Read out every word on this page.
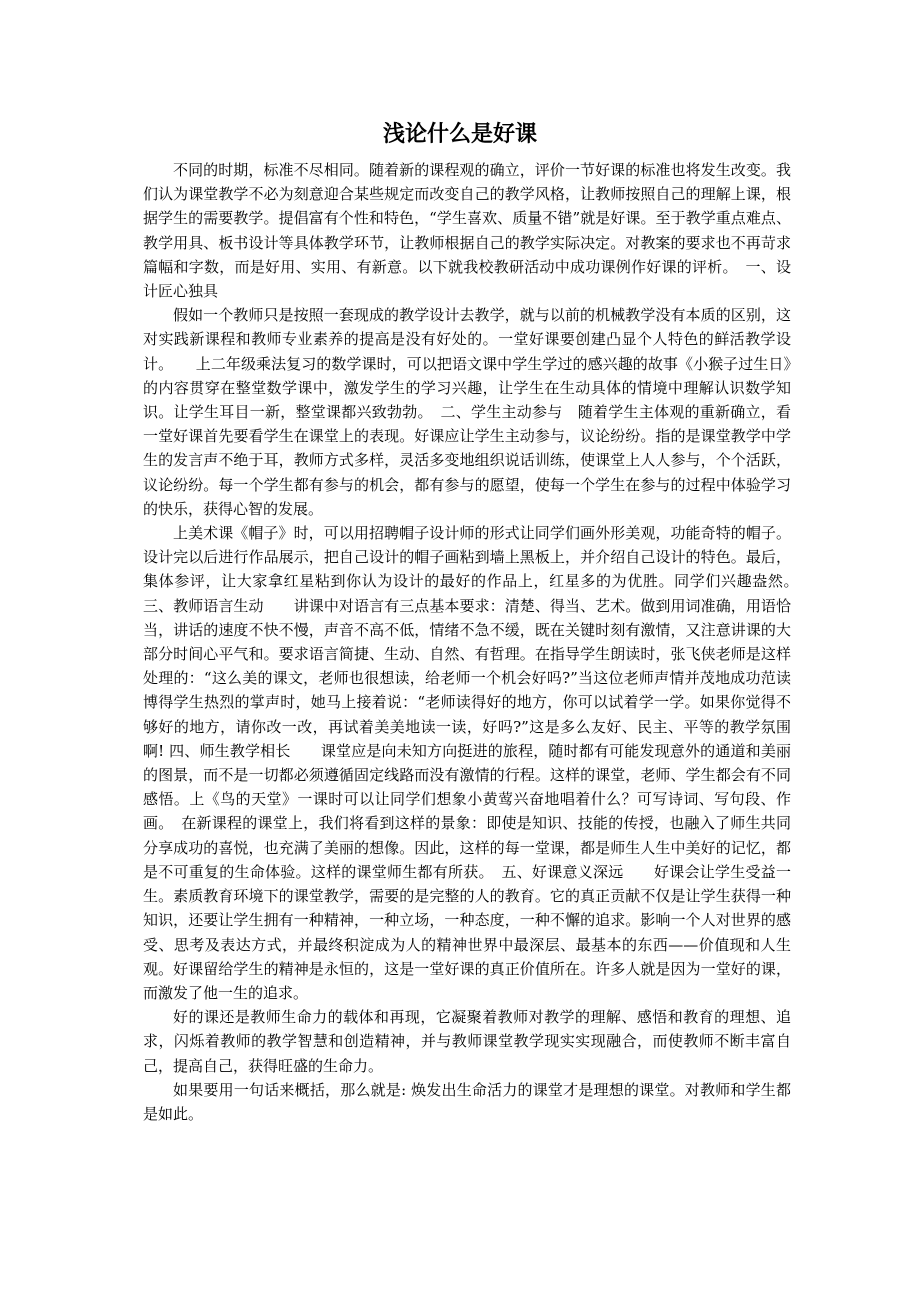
浅论什么是好课

不同的时期，标准不尽相同。随着新的课程观的确立，评价一节好课的标准也将发生改变。我们认为课堂教学不必为刻意迎合某些规定而改变自己的教学风格，让教师按照自己的理解上课，根据学生的需要教学。提倡富有个性和特色，“学生喜欢、质量不错”就是好课。至于教学重点难点、教学用具、板书设计等具体教学环节，让教师根据自己的教学实际决定。对教案的要求也不再苛求篇幅和字数，而是好用、实用、有新意。以下就我校教研活动中成功课例作好课的评析。　一、设计匠心独具

假如一个教师只是按照一套现成的教学设计去教学，就与以前的机械教学没有本质的区别，这对实践新课程和教师专业素养的提高是没有好处的。一堂好课要创建凸显个人特色的鲜活教学设计。　　上二年级乘法复习的数学课时，可以把语文课中学生学过的感兴趣的故事《小猴子过生日》的内容贯穿在整堂数学课中，激发学生的学习兴趣，让学生在生动具体的情境中理解认识数学知识。让学生耳目一新，整堂课都兴致勃勃。　二、学生主动参与　随着学生主体观的重新确立，看一堂好课首先要看学生在课堂上的表现。好课应让学生主动参与，议论纷纷。指的是课堂教学中学生的发言声不绝于耳，教师方式多样，灵活多变地组织说话训练，使课堂上人人参与，个个活跃，议论纷纷。每一个学生都有参与的机会，都有参与的愿望，使每一个学生在参与的过程中体验学习的快乐，获得心智的发展。

上美术课《帽子》时，可以用招聘帽子设计师的形式让同学们画外形美观，功能奇特的帽子。设计完以后进行作品展示，把自己设计的帽子画粘到墙上黑板上，并介绍自己设计的特色。最后，集体参评，让大家拿红星粘到你认为设计的最好的作品上，红星多的为优胜。同学们兴趣盎然。　三、教师语言生动　　讲课中对语言有三点基本要求：清楚、得当、艺术。做到用词准确，用语恰当，讲话的速度不快不慢，声音不高不低，情绪不急不缓，既在关键时刻有激情，又注意讲课的大部分时间心平气和。要求语言简捷、生动、自然、有哲理。在指导学生朗读时，张飞侠老师是这样处理的：“这么美的课文，老师也很想读，给老师一个机会好吗?”当这位老师声情并茂地成功范读博得学生热烈的掌声时，她马上接着说：“老师读得好的地方，你可以试着学一学。如果你觉得不够好的地方，请你改一改，再试着美美地读一读，好吗?”这是多么友好、民主、平等的教学氛围啊! 四、师生教学相长　　课堂应是向未知方向挺进的旅程，随时都有可能发现意外的通道和美丽的图景，而不是一切都必须遵循固定线路而没有激情的行程。这样的课堂，老师、学生都会有不同感悟。上《鸟的天堂》一课时可以让同学们想象小黄莺兴奋地唱着什么？可写诗词、写句段、作画。　在新课程的课堂上，我们将看到这样的景象：即使是知识、技能的传授，也融入了师生共同分享成功的喜悦，也充满了美丽的想像。因此，这样的每一堂课，都是师生人生中美好的记忆，都是不可重复的生命体验。这样的课堂师生都有所获。　五、好课意义深远　　好课会让学生受益一生。素质教育环境下的课堂教学，需要的是完整的人的教育。它的真正贡献不仅是让学生获得一种知识，还要让学生拥有一种精神，一种立场，一种态度，一种不懈的追求。影响一个人对世界的感受、思考及表达方式，并最终积淀成为人的精神世界中最深层、最基本的东西——价值现和人生观。好课留给学生的精神是永恒的，这是一堂好课的真正价值所在。许多人就是因为一堂好的课，而激发了他一生的追求。

好的课还是教师生命力的载体和再现，它凝聚着教师对教学的理解、感悟和教育的理想、追求，闪烁着教师的教学智慧和创造精神，并与教师课堂教学现实实现融合，而使教师不断丰富自己，提高自己，获得旺盛的生命力。

如果要用一句话来概括，那么就是: 焕发出生命活力的课堂才是理想的课堂。对教师和学生都是如此。
